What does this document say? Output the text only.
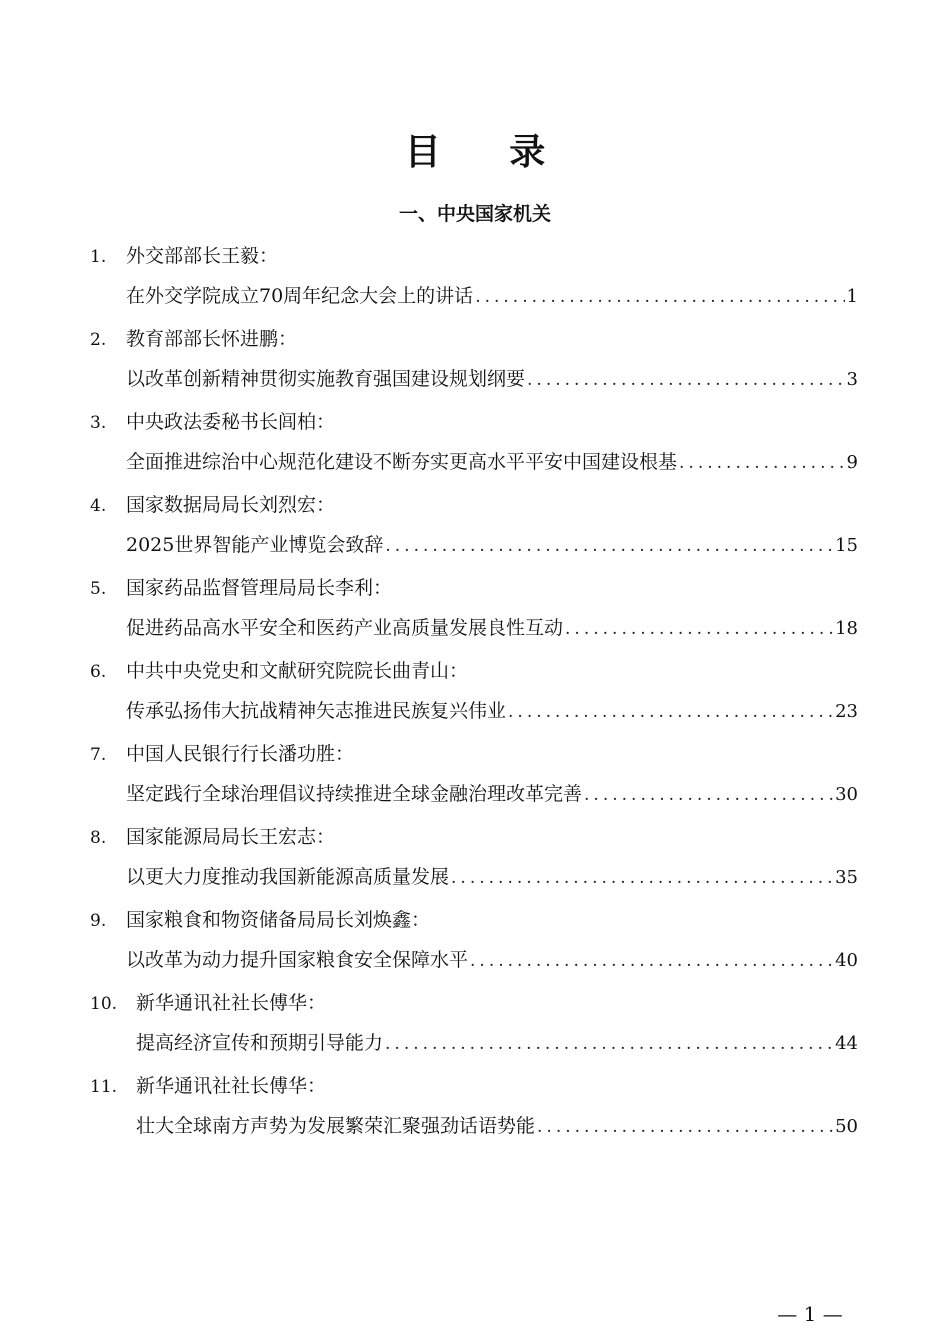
目 录
一、中央国家机关
1. 外交部部长王毅：
在外交学院成立70周年纪念大会上的讲话 .....	1
2. 教育部部长怀进鹏：
以改革创新精神贯彻实施教育强国建设规划纲要 .....	3
3. 中央政法委秘书长闾柏：
全面推进综治中心规范化建设不断夯实更高水平平安中国建设根基 .....	9
4. 国家数据局局长刘烈宏：
2025世界智能产业博览会致辞 .....	15
5. 国家药品监督管理局局长李利：
促进药品高水平安全和医药产业高质量发展良性互动 .....	18
6. 中共中央党史和文献研究院院长曲青山：
传承弘扬伟大抗战精神矢志推进民族复兴伟业 .....	23
7. 中国人民银行行长潘功胜：
坚定践行全球治理倡议持续推进全球金融治理改革完善 .....	30
8. 国家能源局局长王宏志：
以更大力度推动我国新能源高质量发展 .....	35
9. 国家粮食和物资储备局局长刘焕鑫：
以改革为动力提升国家粮食安全保障水平 .....	40
10. 新华通讯社社长傅华：
提高经济宣传和预期引导能力 .....	44
11. 新华通讯社社长傅华：
壮大全球南方声势为发展繁荣汇聚强劲话语势能 .....	50
— 1 —
